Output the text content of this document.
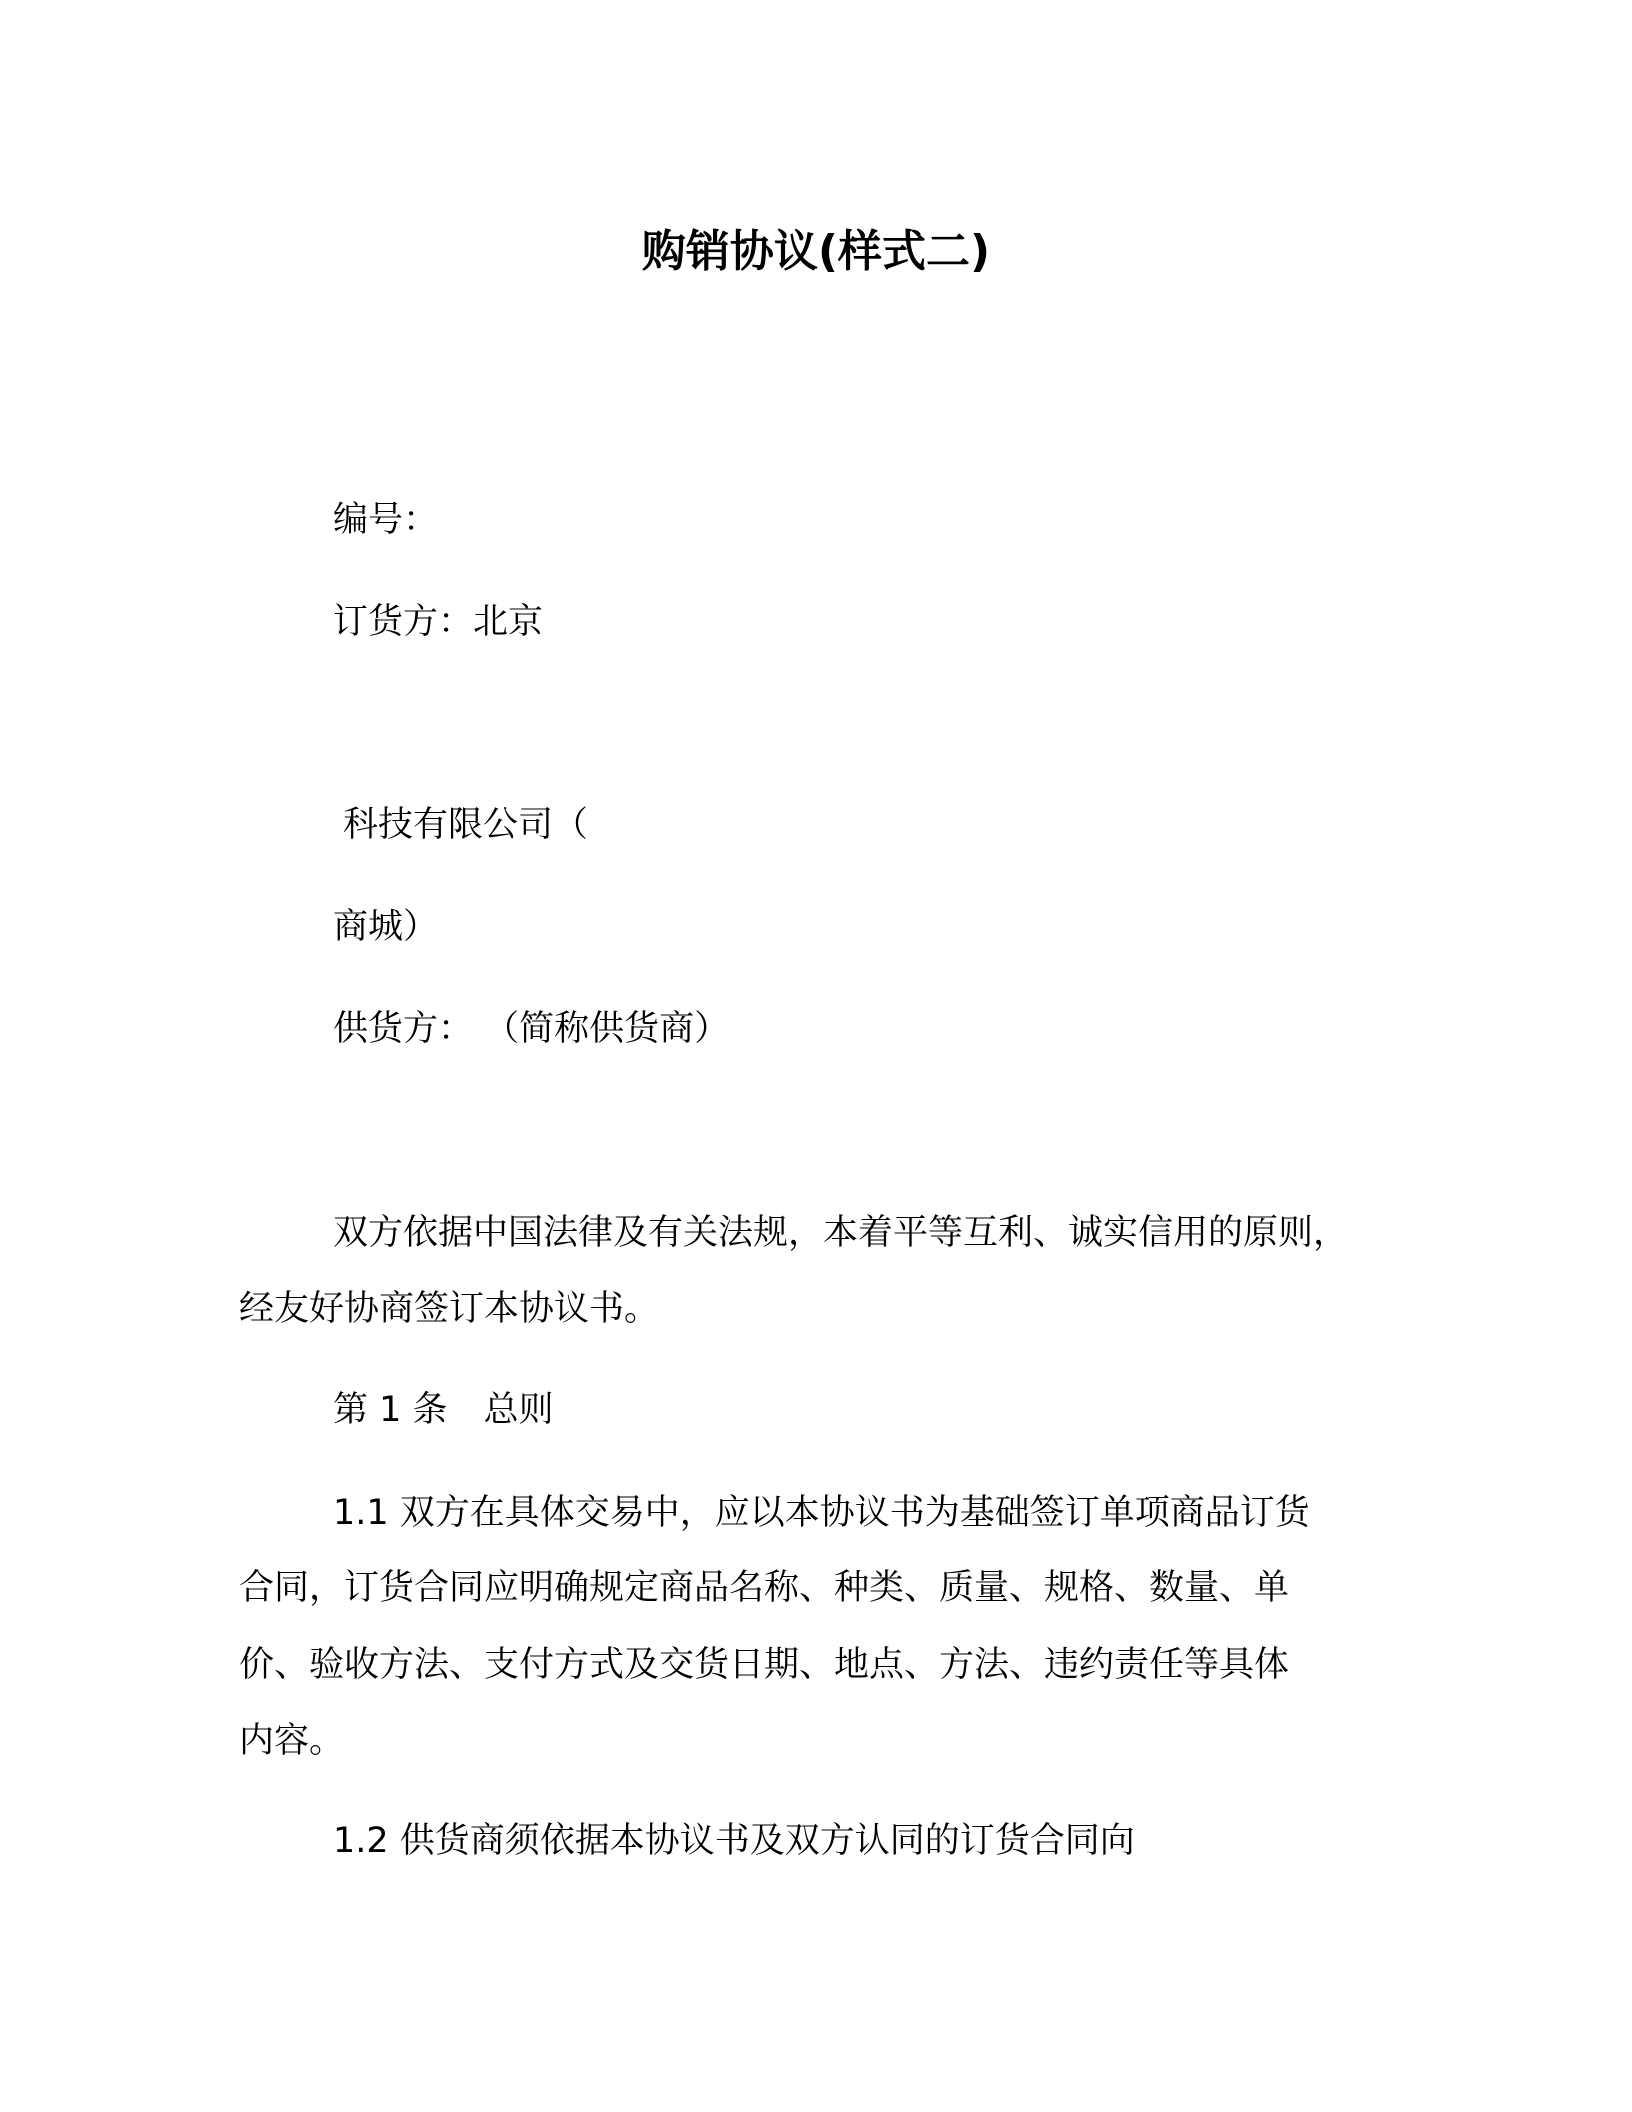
购销协议(样式二)

编号：

订货方：北京

科技有限公司（

商城）

供货方： （简称供货商）

双方依据中国法律及有关法规，本着平等互利、诚实信用的原则，

经友好协商签订本协议书。

第 1 条 总则

1.1 双方在具体交易中，应以本协议书为基础签订单项商品订货

合同，订货合同应明确规定商品名称、种类、质量、规格、数量、单

价、验收方法、支付方式及交货日期、地点、方法、违约责任等具体

内容。

1.2 供货商须依据本协议书及双方认同的订货合同向
